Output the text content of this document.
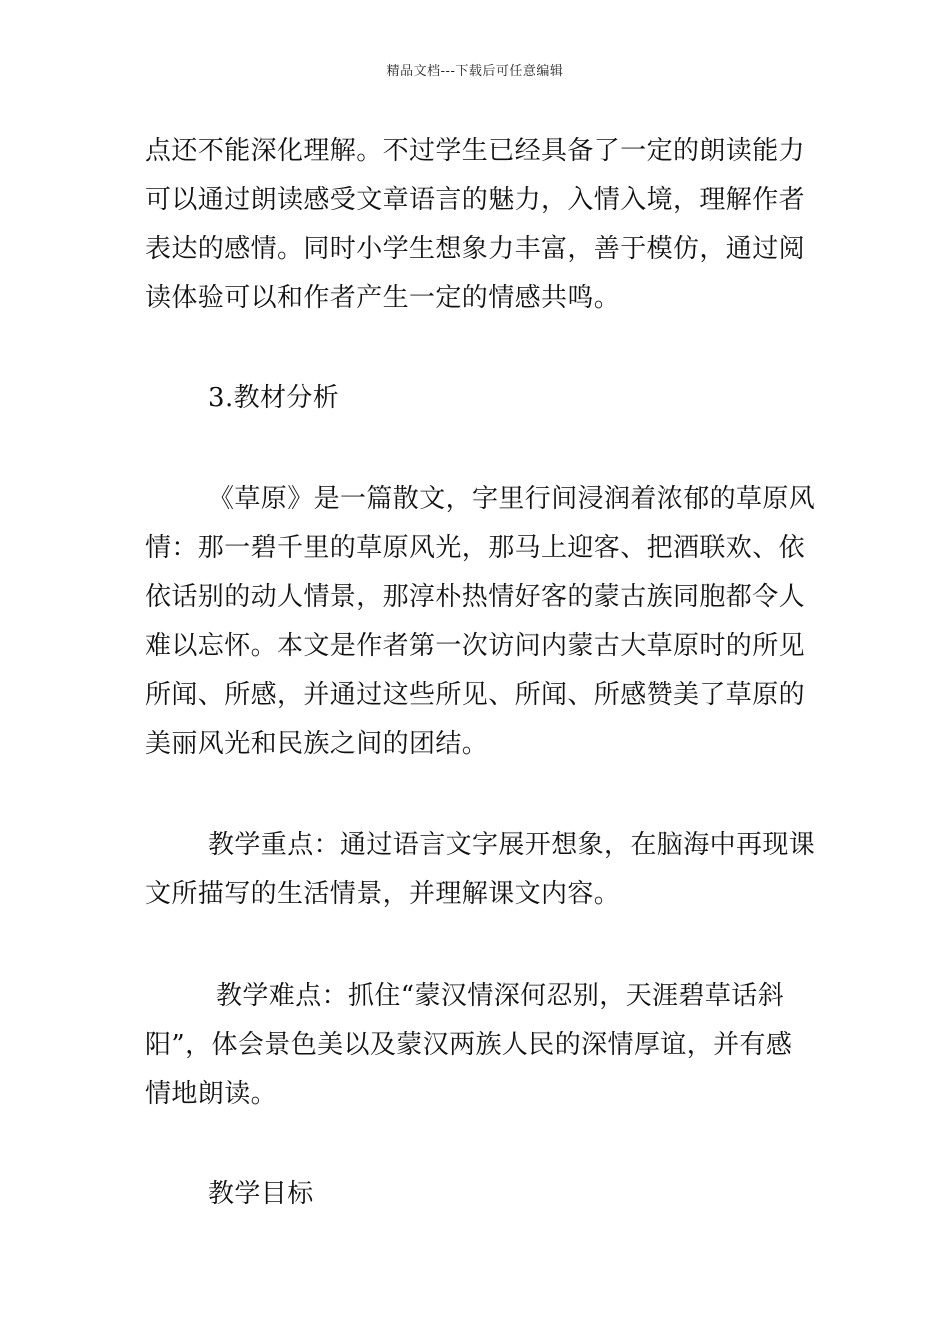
精品文档---下载后可任意编辑
点还不能深化理解。不过学生已经具备了一定的朗读能力
可以通过朗读感受文章语言的魅力，入情入境，理解作者
表达的感情。同时小学生想象力丰富，善于模仿，通过阅
读体验可以和作者产生一定的情感共鸣。
3.教材分析
《草原》是一篇散文，字里行间浸润着浓郁的草原风
情：那一碧千里的草原风光，那马上迎客、把酒联欢、依
依话别的动人情景，那淳朴热情好客的蒙古族同胞都令人
难以忘怀。本文是作者第一次访问内蒙古大草原时的所见
所闻、所感，并通过这些所见、所闻、所感赞美了草原的
美丽风光和民族之间的团结。
教学重点：通过语言文字展开想象，在脑海中再现课
文所描写的生活情景，并理解课文内容。
教学难点：抓住“蒙汉情深何忍别，天涯碧草话斜
阳”，体会景色美以及蒙汉两族人民的深情厚谊，并有感
情地朗读。
教学目标
